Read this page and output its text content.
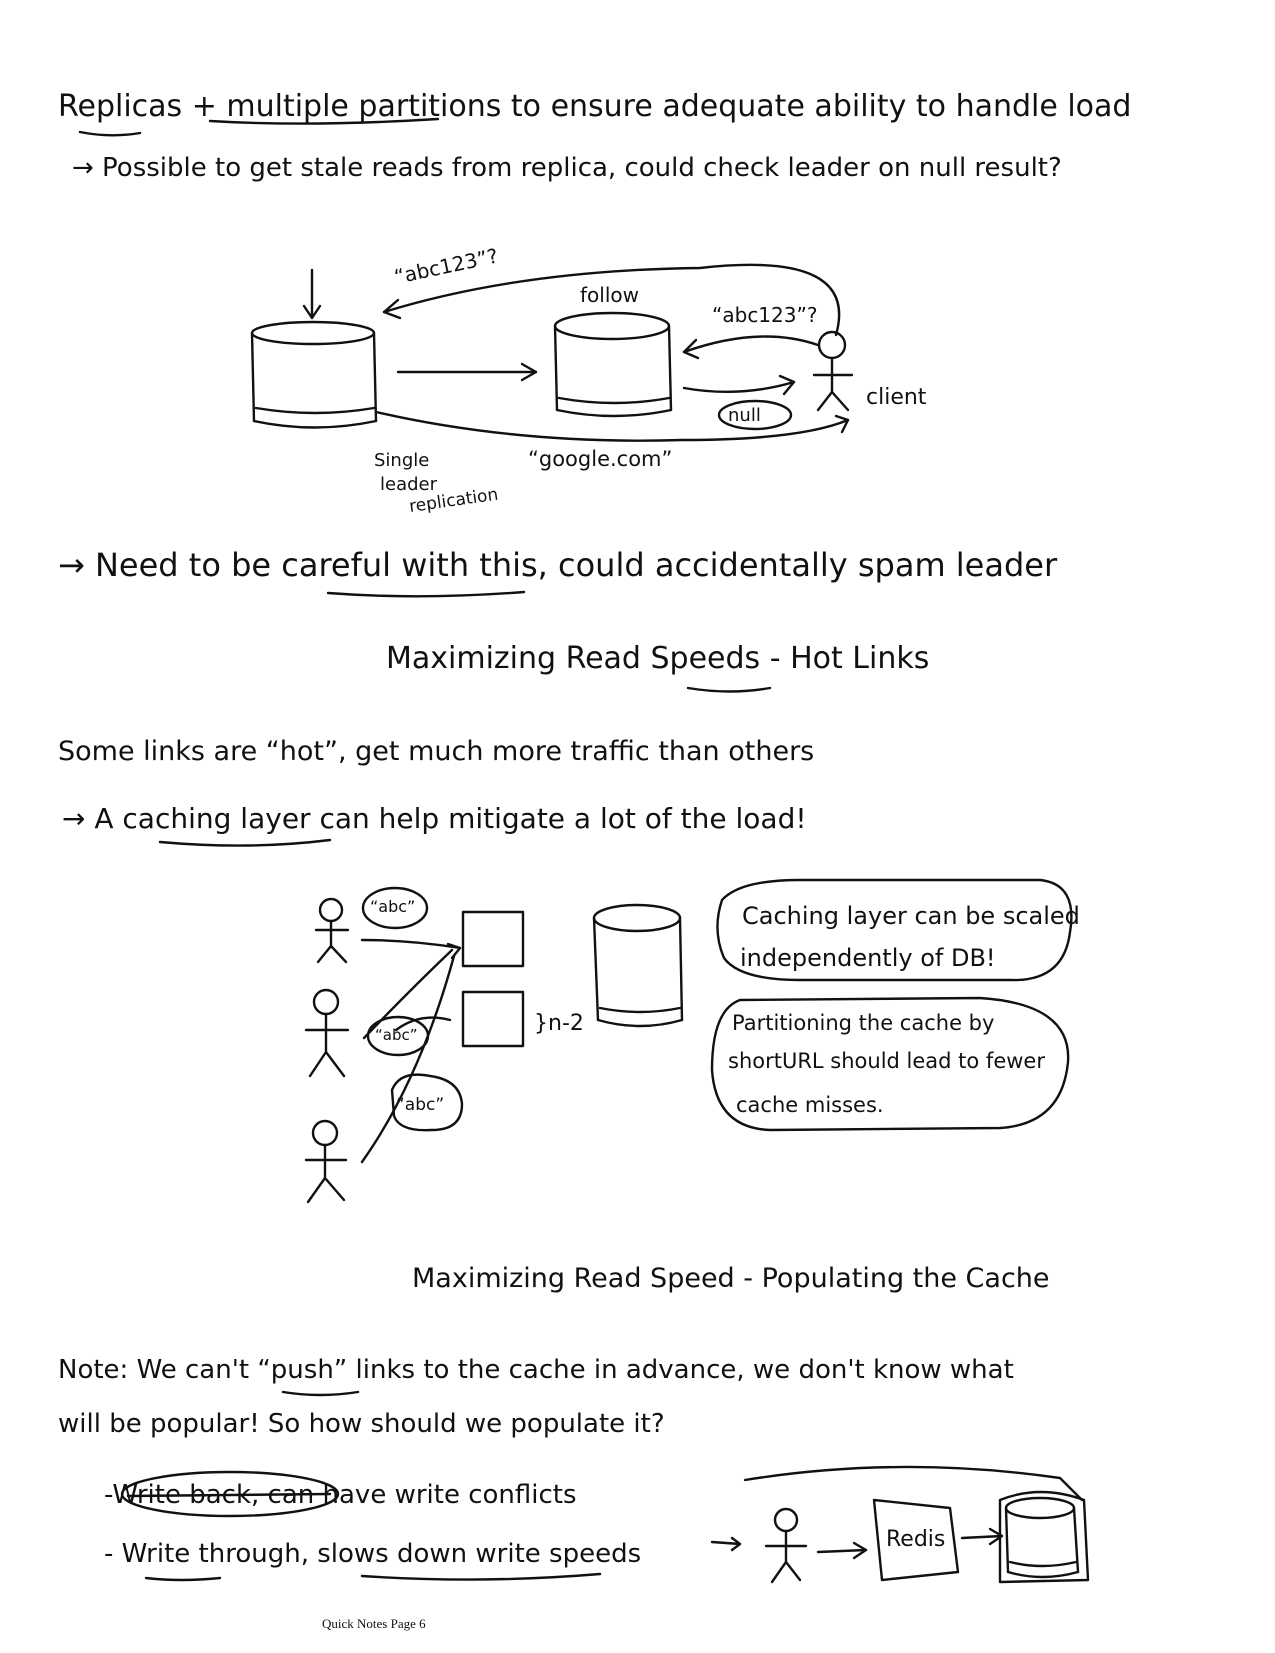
Replicas + multiple partitions to ensure adequate ability to handle load
→ Possible to get stale reads from replica, could check leader on null result?
follow
client
“abc123”?
“abc123”?
null
“google.com”
Single
leader
replication
→ Need to be careful with this, could accidentally spam leader
Maximizing Read Speeds - Hot Links
Some links are “hot”, get much more traffic than others
→ A caching layer can help mitigate a lot of the load!
“abc”
“abc”
“abc”
}n-2
Caching layer can be scaled
independently of DB!
Partitioning the cache by
shortURL should lead to fewer
cache misses.
Maximizing Read Speed - Populating the Cache
Note: We can't “push” links to the cache in advance, we don't know what
will be popular! So how should we populate it?
-Write back, can have write conflicts
- Write through, slows down write speeds	Redis
Quick Notes Page 6
